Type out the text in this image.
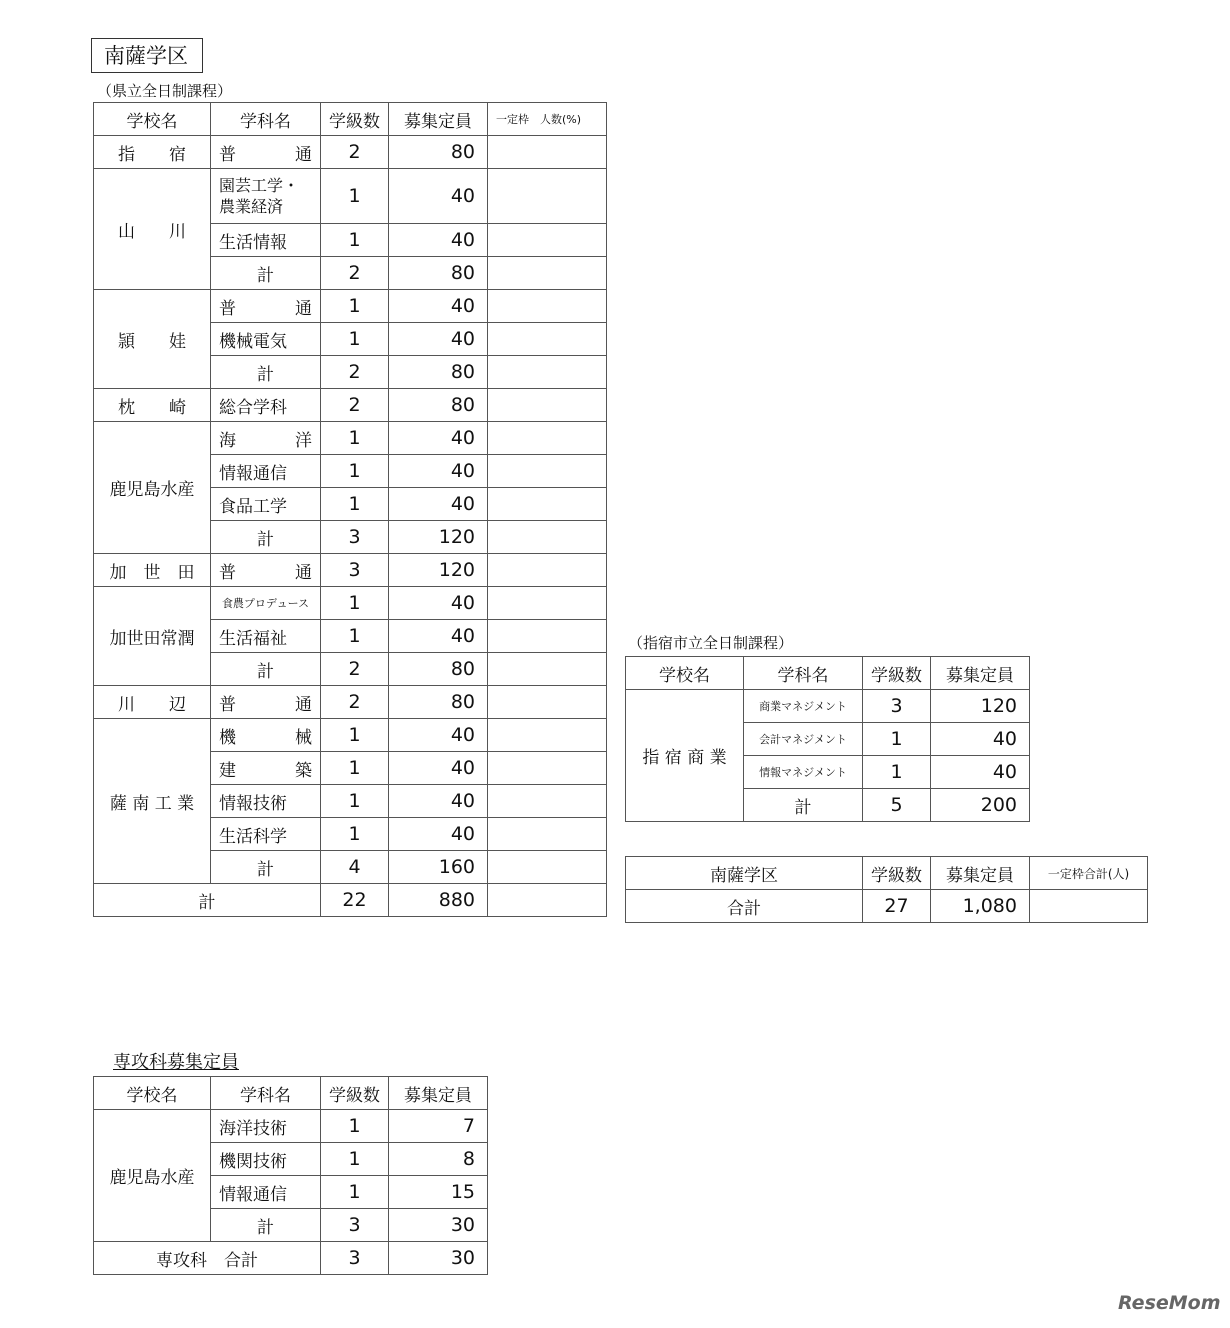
南薩学区
（県立全日制課程）
学校名	学科名	学級数	募集定員	一定枠　人数(%)
指　　宿	普　　通	2	80	
山　　川	園芸工学・農業経済	1	40	
	生活情報	1	40	
	計	2	80	
頴　　娃	普　　通	1	40	
	機械電気	1	40	
	計	2	80	
枕　　崎	総合学科	2	80	
鹿児島水産	海　　洋	1	40	
	情報通信	1	40	
	食品工学	1	40	
	計	3	120	
加　世　田	普　　通	3	120	
加世田常潤	食農プロデュース	1	40	
	生活福祉	1	40	
	計	2	80	
川　　辺	普　　通	2	80	
薩 南 工 業	機　　械	1	40	
	建　　築	1	40	
	情報技術	1	40	
	生活科学	1	40	
	計	4	160	
計		22	880	
（指宿市立全日制課程）
学校名	学科名	学級数	募集定員
指 宿 商 業	商業マネジメント	3	120
	会計マネジメント	1	40
	情報マネジメント	1	40
	計	5	200
南薩学区	学級数	募集定員	一定枠合計(人)
合計	27	1,080	
専攻科募集定員
学校名	学科名	学級数	募集定員
鹿児島水産	海洋技術	1	7
	機関技術	1	8
	情報通信	1	15
	計	3	30
専攻科　合計		3	30
ReseMom
